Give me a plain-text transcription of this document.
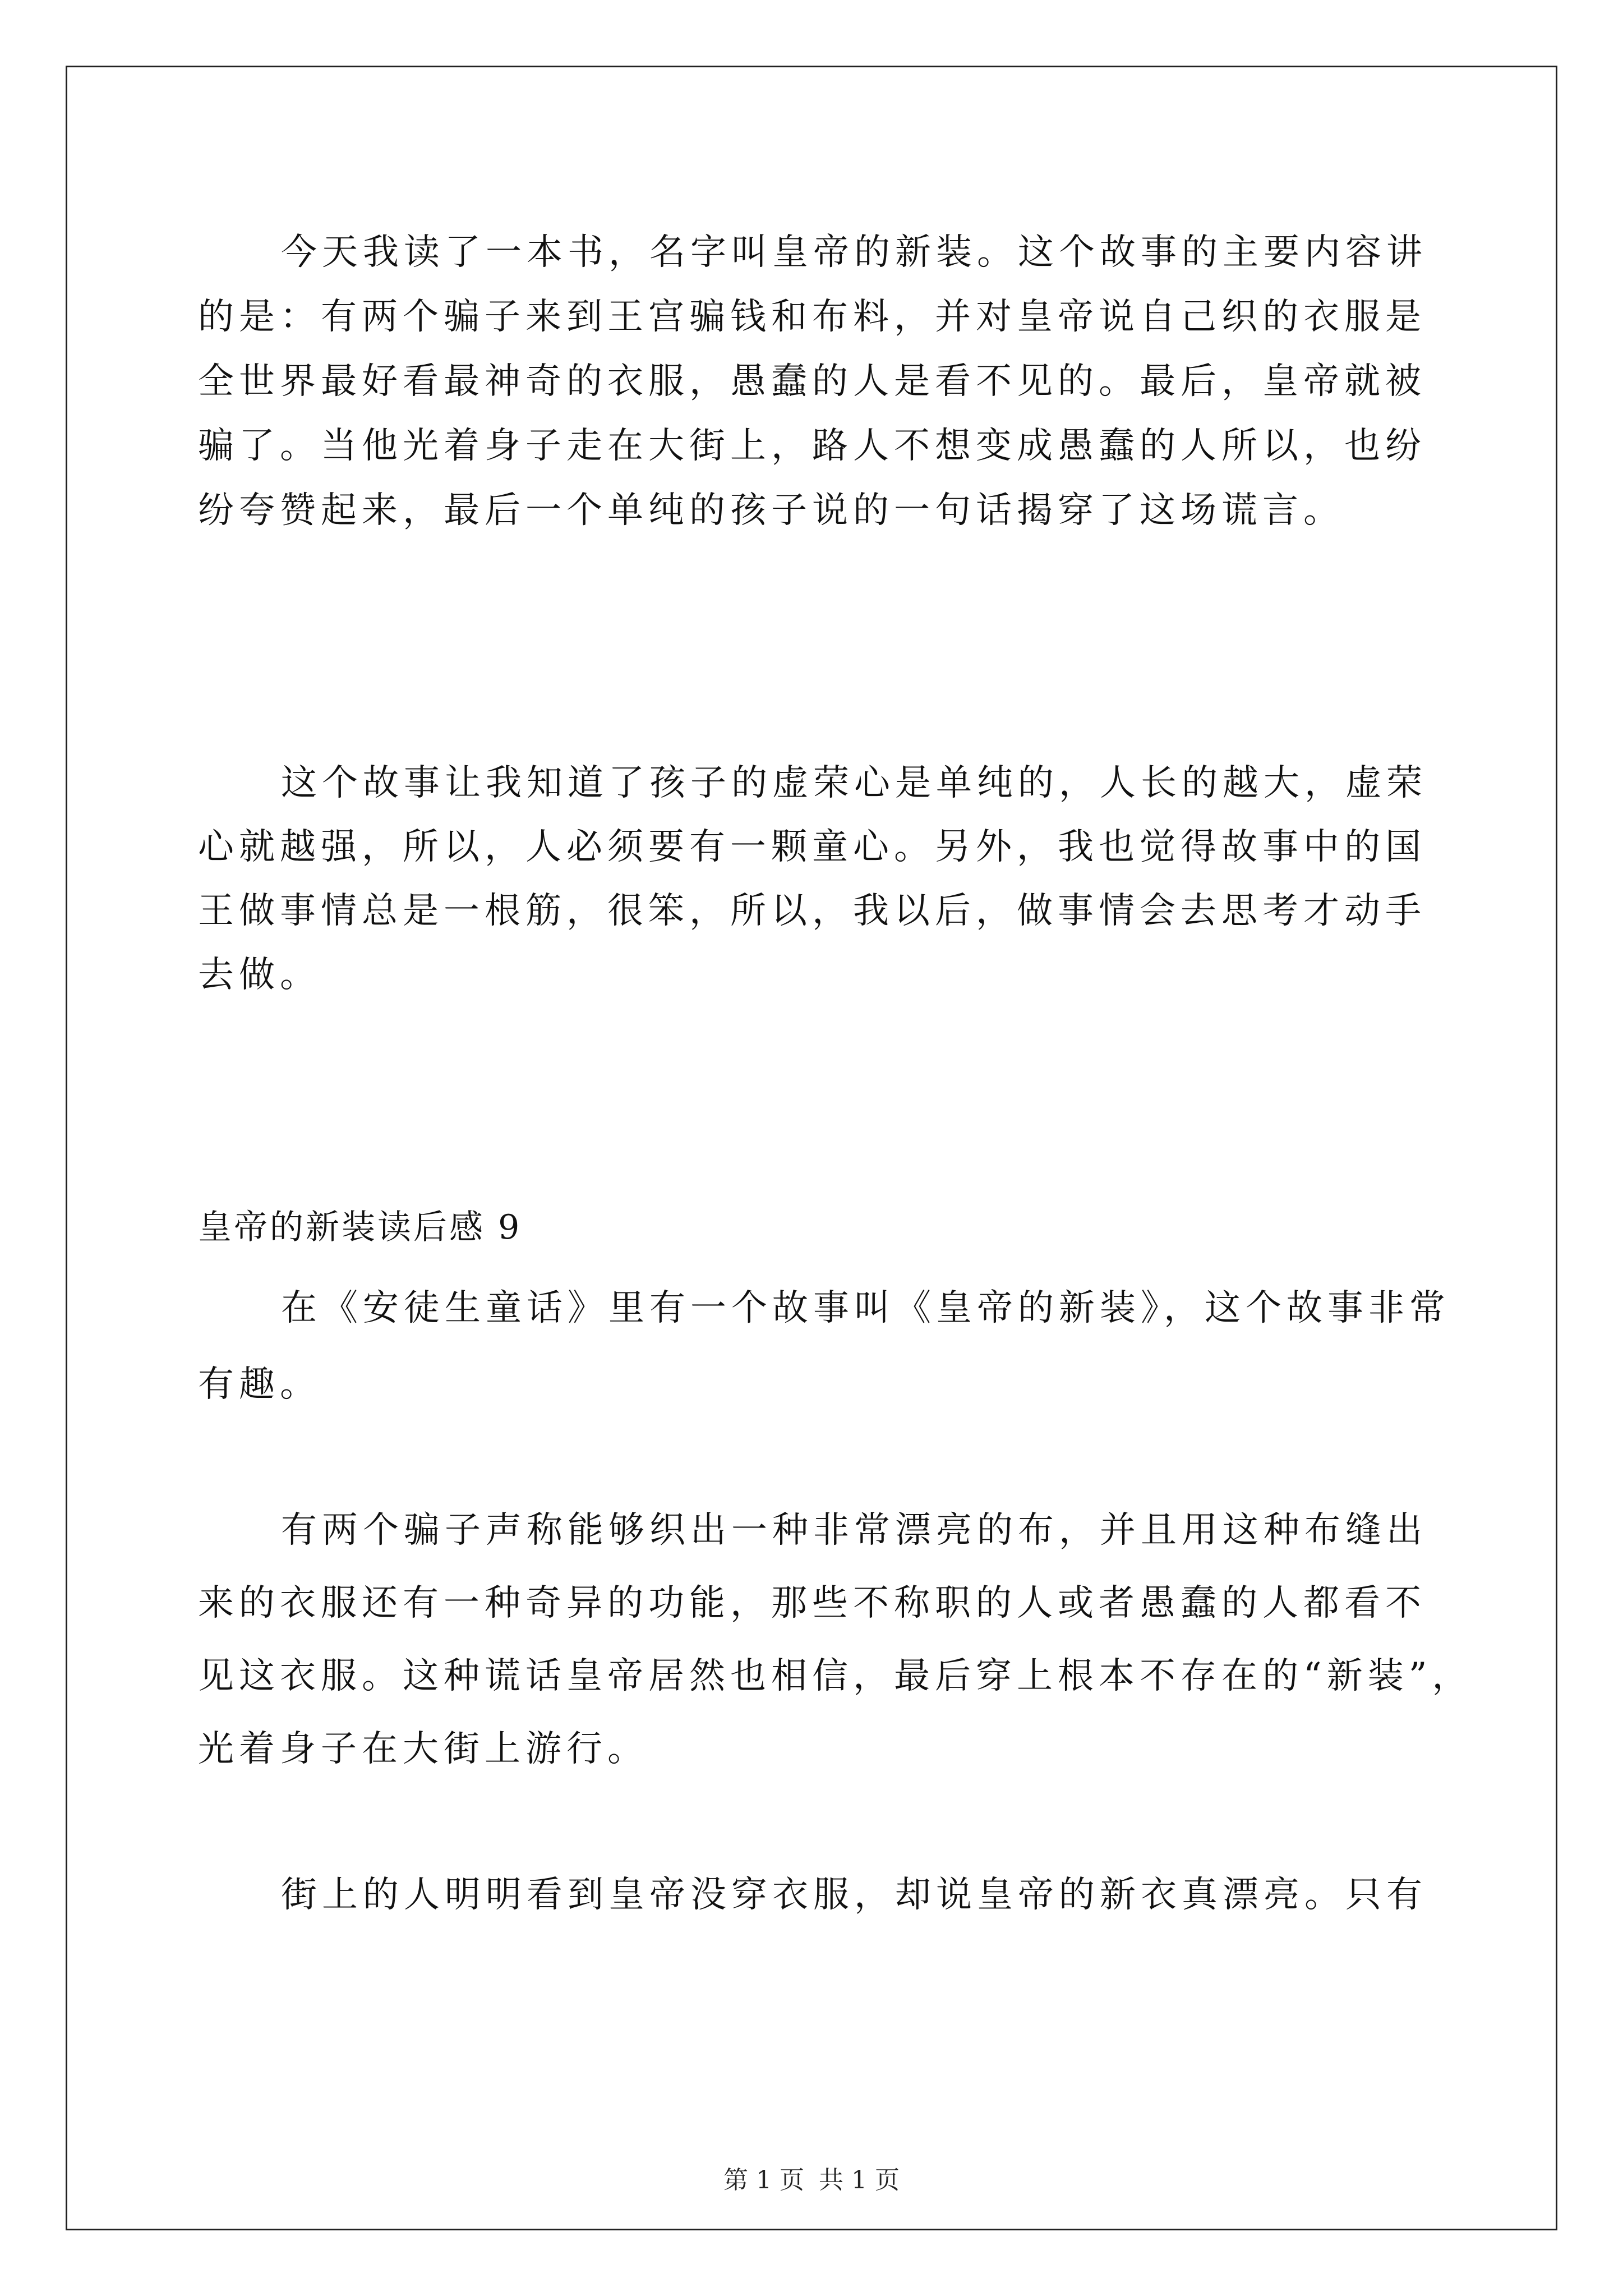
今天我读了一本书，名字叫皇帝的新装。这个故事的主要内容讲
的是：有两个骗子来到王宫骗钱和布料，并对皇帝说自己织的衣服是
全世界最好看最神奇的衣服，愚蠢的人是看不见的。最后，皇帝就被
骗了。当他光着身子走在大街上，路人不想变成愚蠢的人所以，也纷
纷夸赞起来，最后一个单纯的孩子说的一句话揭穿了这场谎言。
这个故事让我知道了孩子的虚荣心是单纯的，人长的越大，虚荣
心就越强，所以，人必须要有一颗童心。另外，我也觉得故事中的国
王做事情总是一根筋，很笨，所以，我以后，做事情会去思考才动手
去做。
皇帝的新装读后感 9
在《安徒生童话》里有一个故事叫《皇帝的新装》，这个故事非常
有趣。
有两个骗子声称能够织出一种非常漂亮的布，并且用这种布缝出
来的衣服还有一种奇异的功能，那些不称职的人或者愚蠢的人都看不
见这衣服。这种谎话皇帝居然也相信，最后穿上根本不存在的“新装”，
光着身子在大街上游行。
街上的人明明看到皇帝没穿衣服，却说皇帝的新衣真漂亮。只有
第 1 页 共 1 页
